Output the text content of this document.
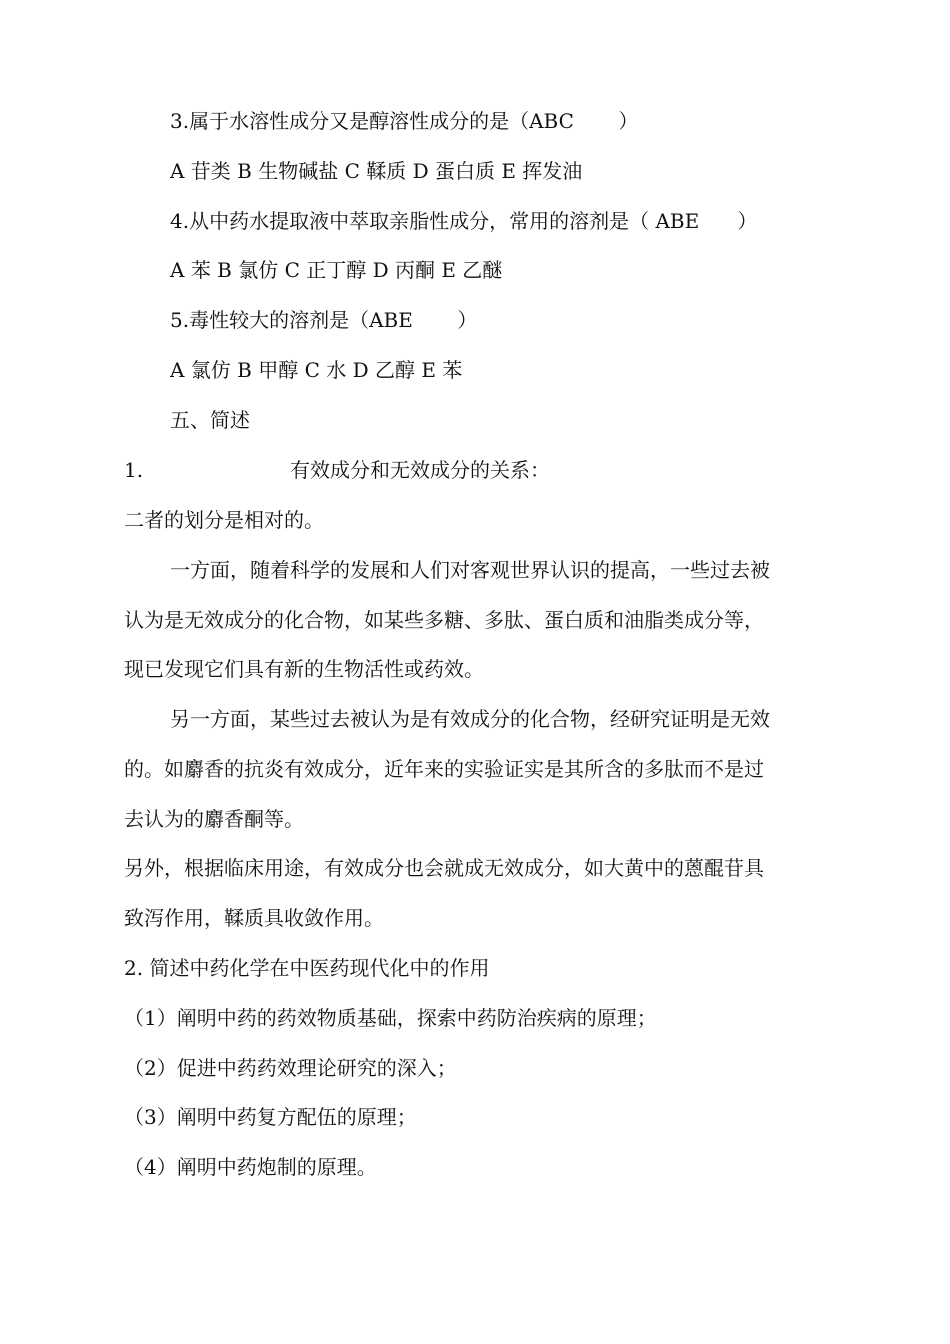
3.属于水溶性成分又是醇溶性成分的是（ABC       ）

A 苷类 B 生物碱盐 C 鞣质 D 蛋白质 E 挥发油

4.从中药水提取液中萃取亲脂性成分，常用的溶剂是（ ABE      ）

A 苯 B 氯仿 C 正丁醇 D 丙酮 E 乙醚

5.毒性较大的溶剂是（ABE       ）

A 氯仿 B 甲醇 C 水 D 乙醇 E 苯

五、简述

1.	有效成分和无效成分的关系：

二者的划分是相对的。

一方面，随着科学的发展和人们对客观世界认识的提高，一些过去被

认为是无效成分的化合物，如某些多糖、多肽、蛋白质和油脂类成分等，

现已发现它们具有新的生物活性或药效。

另一方面，某些过去被认为是有效成分的化合物，经研究证明是无效

的。如麝香的抗炎有效成分，近年来的实验证实是其所含的多肽而不是过

去认为的麝香酮等。

另外，根据临床用途，有效成分也会就成无效成分，如大黄中的蒽醌苷具

致泻作用，鞣质具收敛作用。

2. 简述中药化学在中医药现代化中的作用

（1）阐明中药的药效物质基础，探索中药防治疾病的原理；

（2）促进中药药效理论研究的深入；

（3）阐明中药复方配伍的原理；

（4）阐明中药炮制的原理。
